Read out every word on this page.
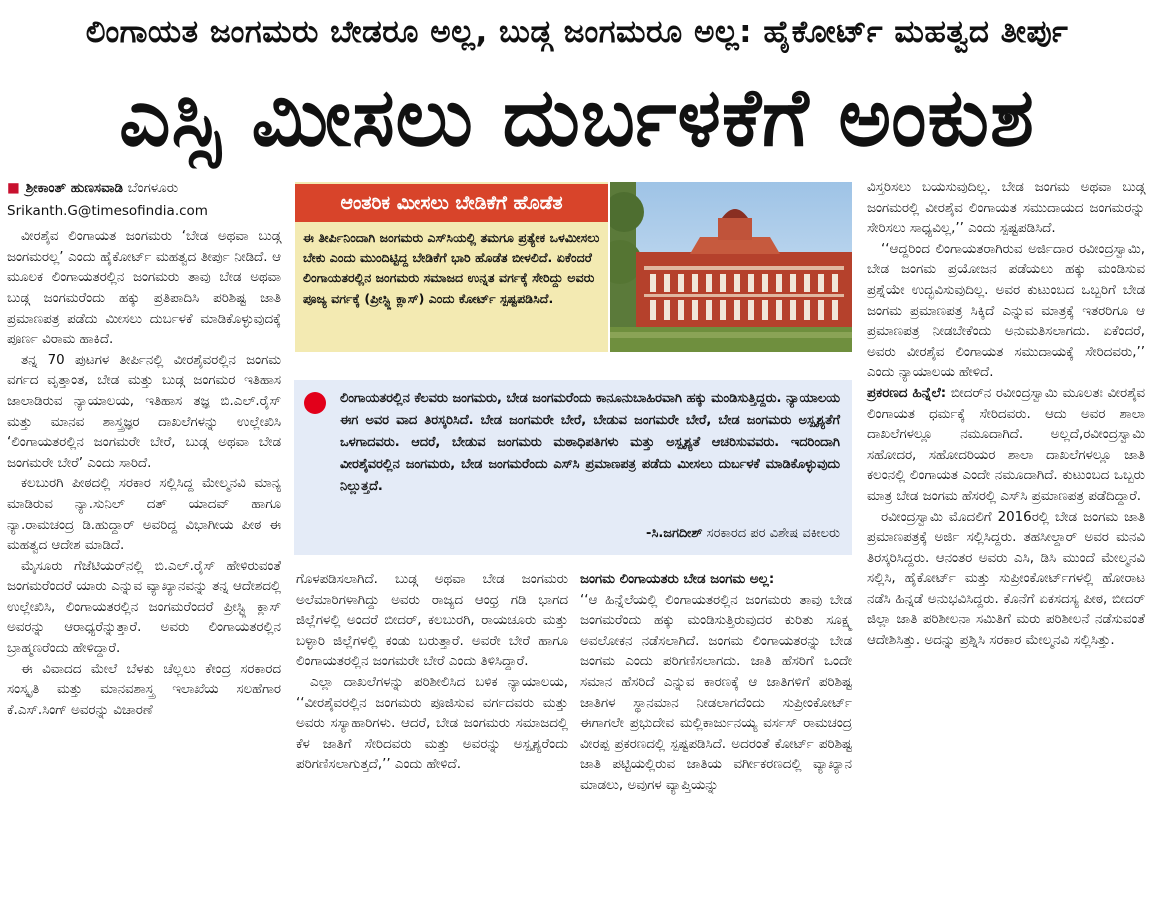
ಲಿಂಗಾಯತ ಜಂಗಮರು ಬೇಡರೂ ಅಲ್ಲ, ಬುಡ್ಗ ಜಂಗಮರೂ ಅಲ್ಲ: ಹೈಕೋರ್ಟ್ ಮಹತ್ವದ ತೀರ್ಪು
ಎಸ್ಸಿ ಮೀಸಲು ದುರ್ಬಳಕೆಗೆ ಅಂಕುಶ
■ ಶ್ರೀಕಾಂತ್ ಹುಣಸವಾಡಿ ಬೆಂಗಳೂರು
Srikanth.G@timesofindia.com

ವೀರಶೈವ ಲಿಂಗಾಯತ ಜಂಗಮರು ‘ಬೇಡ ಅಥವಾ ಬುಡ್ಗ ಜಂಗಮರಲ್ಲ’ ಎಂದು ಹೈಕೋರ್ಟ್ ಮಹತ್ವದ ತೀರ್ಪು ನೀಡಿದೆ. ಆ ಮೂಲಕ ಲಿಂಗಾಯತರಲ್ಲಿನ ಜಂಗಮರು ತಾವು ಬೇಡ ಅಥವಾ ಬುಡ್ಗ ಜಂಗಮರೆಂದು ಹಕ್ಕು ಪ್ರತಿಪಾದಿಸಿ ಪರಿಶಿಷ್ಟ ಜಾತಿ ಪ್ರಮಾಣಪತ್ರ ಪಡೆದು ಮೀಸಲು ದುರ್ಬಳಕೆ ಮಾಡಿಕೊಳ್ಳುವುದಕ್ಕೆ ಪೂರ್ಣ ವಿರಾಮ ಹಾಕಿದೆ.

ತನ್ನ 70 ಪುಟಗಳ ತೀರ್ಪಿನಲ್ಲಿ ವೀರಶೈವರಲ್ಲಿನ ಜಂಗಮ ವರ್ಗದ ವೃತ್ತಾಂತ, ಬೇಡ ಮತ್ತು ಬುಡ್ಗ ಜಂಗಮರ ಇತಿಹಾಸ ಜಾಲಾಡಿರುವ ನ್ಯಾಯಾಲಯ, ಇತಿಹಾಸ ತಜ್ಞ ಬಿ.ಎಲ್.ರೈಸ್ ಮತ್ತು ಮಾನವ ಶಾಸ್ತ್ರಜ್ಞರ ದಾಖಲೆಗಳನ್ನು ಉಲ್ಲೇಖಿಸಿ ‘ಲಿಂಗಾಯತರಲ್ಲಿನ ಜಂಗಮರೇ ಬೇರೆ, ಬುಡ್ಗ ಅಥವಾ ಬೇಡ ಜಂಗಮರೇ ಬೇರೆ’ ಎಂದು ಸಾರಿದೆ.

ಕಲಬುರಗಿ ಪೀಠದಲ್ಲಿ ಸರಕಾರ ಸಲ್ಲಿಸಿದ್ದ ಮೇಲ್ಮನವಿ ಮಾನ್ಯ ಮಾಡಿರುವ ನ್ಯಾ.ಸುನಿಲ್ ದತ್ ಯಾದವ್ ಹಾಗೂ ನ್ಯಾ.ರಾಮಚಂದ್ರ ಡಿ.ಹುದ್ದಾರ್ ಅವರಿದ್ದ ವಿಭಾಗೀಯ ಪೀಠ ಈ ಮಹತ್ವದ ಆದೇಶ ಮಾಡಿದೆ.

ಮೈಸೂರು ಗೆಜೆಟಿಯರ್‌ನಲ್ಲಿ ಬಿ.ಎಲ್.ರೈಸ್ ಹೇಳಿರುವಂತೆ ಜಂಗಮರೆಂದರೆ ಯಾರು ಎನ್ನುವ ವ್ಯಾಖ್ಯಾನವನ್ನು ತನ್ನ ಆದೇಶದಲ್ಲಿ ಉಲ್ಲೇಖಿಸಿ, ಲಿಂಗಾಯತರಲ್ಲಿನ ಜಂಗಮರೆಂದರೆ ಪ್ರೀಸ್ಟ್ಲಿ ಕ್ಲಾಸ್ ಅವರನ್ನು ಆರಾಧ್ಯರೆನ್ನುತ್ತಾರೆ. ಅವರು ಲಿಂಗಾಯತರಲ್ಲಿನ ಬ್ರಾಹ್ಮಣರೆಂದು ಹೇಳಿದ್ದಾರೆ.

ಈ ವಿವಾದದ ಮೇಲೆ ಬೆಳಕು ಚೆಲ್ಲಲು ಕೇಂದ್ರ ಸರಕಾರದ ಸಂಸ್ಕೃತಿ ಮತ್ತು ಮಾನವಶಾಸ್ತ್ರ ಇಲಾಖೆಯ ಸಲಹೆಗಾರ ಕೆ.ಎಸ್.ಸಿಂಗ್ ಅವರನ್ನು ವಿಚಾರಣೆ

ಆಂತರಿಕ ಮೀಸಲು ಬೇಡಿಕೆಗೆ ಹೊಡೆತ
ಈ ತೀರ್ಪಿನಿಂದಾಗಿ ಜಂಗಮರು ಎಸ್‌ಸಿಯಲ್ಲಿ ತಮಗೂ ಪ್ರತ್ಯೇಕ ಒಳಮೀಸಲು ಬೇಕು ಎಂದು ಮುಂದಿಟ್ಟಿದ್ದ ಬೇಡಿಕೆಗೆ ಭಾರಿ ಹೊಡೆತ ಬೀಳಲಿದೆ. ಏಕೆಂದರೆ ಲಿಂಗಾಯತರಲ್ಲಿನ ಜಂಗಮರು ಸಮಾಜದ ಉನ್ನತ ವರ್ಗಕ್ಕೆ ಸೇರಿದ್ದು ಅವರು ಪೂಜ್ಯ ವರ್ಗಕ್ಕೆ (ಪ್ರೀಸ್ಟ್ಲಿ ಕ್ಲಾಸ್) ಎಂದು ಕೋರ್ಟ್ ಸ್ಪಷ್ಟಪಡಿಸಿದೆ.
ಲಿಂಗಾಯತರಲ್ಲಿನ ಕೆಲವರು ಜಂಗಮರು, ಬೇಡ ಜಂಗಮರೆಂದು ಕಾನೂನುಬಾಹಿರವಾಗಿ ಹಕ್ಕು ಮಂಡಿಸುತ್ತಿದ್ದರು. ನ್ಯಾಯಾಲಯ ಈಗ ಅವರ ವಾದ ತಿರಸ್ಕರಿಸಿದೆ. ಬೇಡ ಜಂಗಮರೇ ಬೇರೆ, ಬೇಡುವ ಜಂಗಮರೇ ಬೇರೆ, ಬೇಡ ಜಂಗಮರು ಅಸ್ಪೃಶ್ಯತೆಗೆ ಒಳಗಾದವರು. ಆದರೆ, ಬೇಡುವ ಜಂಗಮರು ಮಠಾಧಿಪತಿಗಳು ಮತ್ತು ಅಸ್ಪೃಶ್ಯತೆ ಆಚರಿಸುವವರು. ಇದರಿಂದಾಗಿ ವೀರಶೈವರಲ್ಲಿನ ಜಂಗಮರು, ಬೇಡ ಜಂಗಮರೆಂದು ಎಸ್‌ಸಿ ಪ್ರಮಾಣಪತ್ರ ಪಡೆದು ಮೀಸಲು ದುರ್ಬಳಕೆ ಮಾಡಿಕೊಳ್ಳುವುದು ನಿಲ್ಲುತ್ತದೆ.
-ಸಿ.ಜಗದೀಶ್ ಸರಕಾರದ ಪರ ವಿಶೇಷ ವಕೀಲರು

ಗೊಳಪಡಿಸಲಾಗಿದೆ. ಬುಡ್ಗ ಅಥವಾ ಬೇಡ ಜಂಗಮರು ಅಲೆಮಾರಿಗಳಾಗಿದ್ದು ಅವರು ರಾಜ್ಯದ ಆಂಧ್ರ ಗಡಿ ಭಾಗದ ಜಿಲ್ಲೆಗಳಲ್ಲಿ ಅಂದರೆ ಬೀದರ್, ಕಲಬುರಗಿ, ರಾಯಚೂರು ಮತ್ತು ಬಳ್ಳಾರಿ ಜಿಲ್ಲೆಗಳಲ್ಲಿ ಕಂಡು ಬರುತ್ತಾರೆ. ಅವರೇ ಬೇರೆ ಹಾಗೂ ಲಿಂಗಾಯತರಲ್ಲಿನ ಜಂಗಮರೇ ಬೇರೆ ಎಂದು ತಿಳಿಸಿದ್ದಾರೆ.

ಎಲ್ಲಾ ದಾಖಲೆಗಳನ್ನು ಪರಿಶೀಲಿಸಿದ ಬಳಿಕ ನ್ಯಾಯಾಲಯ, ‘‘ವೀರಶೈವರಲ್ಲಿನ ಜಂಗಮರು ಪೂಜಿಸುವ ವರ್ಗದವರು ಮತ್ತು ಅವರು ಸಸ್ಯಾಹಾರಿಗಳು. ಆದರೆ, ಬೇಡ ಜಂಗಮರು ಸಮಾಜದಲ್ಲಿ ಕೆಳ ಜಾತಿಗೆ ಸೇರಿದವರು ಮತ್ತು ಅವರನ್ನು ಅಸ್ಪೃಶ್ಯರೆಂದು ಪರಿಗಣಿಸಲಾಗುತ್ತದೆ,’’ ಎಂದು ಹೇಳಿದೆ.

ಜಂಗಮ ಲಿಂಗಾಯತರು ಬೇಡ ಜಂಗಮ ಅಲ್ಲ:

‘‘ಆ ಹಿನ್ನೆಲೆಯಲ್ಲಿ ಲಿಂಗಾಯತರಲ್ಲಿನ ಜಂಗಮರು ತಾವು ಬೇಡ ಜಂಗಮರೆಂದು ಹಕ್ಕು ಮಂಡಿಸುತ್ತಿರುವುದರ ಕುರಿತು ಸೂಕ್ಷ್ಮ ಅವಲೋಕನ ನಡೆಸಲಾಗಿದೆ. ಜಂಗಮ ಲಿಂಗಾಯತರನ್ನು ಬೇಡ ಜಂಗಮ ಎಂದು ಪರಿಗಣಿಸಲಾಗದು. ಜಾತಿ ಹೆಸರಿಗೆ ಒಂದೇ ಸಮಾನ ಹೆಸರಿದೆ ಎನ್ನುವ ಕಾರಣಕ್ಕೆ ಆ ಜಾತಿಗಳಿಗೆ ಪರಿಶಿಷ್ಟ ಜಾತಿಗಳ ಸ್ಥಾನಮಾನ ನೀಡಲಾಗದೆಂದು ಸುಪ್ರೀಂಕೋರ್ಟ್ ಈಗಾಗಲೇ ಪ್ರಭುದೇವ ಮಲ್ಲಿಕಾರ್ಜುನಯ್ಯ ವರ್ಸಸ್ ರಾಮಚಂದ್ರ ವೀರಪ್ಪ ಪ್ರಕರಣದಲ್ಲಿ ಸ್ಪಷ್ಟಪಡಿಸಿದೆ. ಅದರಂತೆ ಕೋರ್ಟ್ ಪರಿಶಿಷ್ಟ ಜಾತಿ ಪಟ್ಟಿಯಲ್ಲಿರುವ ಜಾತಿಯ ವರ್ಗೀಕರಣದಲ್ಲಿ ವ್ಯಾಖ್ಯಾನ ಮಾಡಲು, ಅವುಗಳ ವ್ಯಾಪ್ತಿಯನ್ನು

ವಿಸ್ತರಿಸಲು ಬಯಸುವುದಿಲ್ಲ. ಬೇಡ ಜಂಗಮ ಅಥವಾ ಬುಡ್ಗ ಜಂಗಮರಲ್ಲಿ ವೀರಶೈವ ಲಿಂಗಾಯತ ಸಮುದಾಯದ ಜಂಗಮರನ್ನು ಸೇರಿಸಲು ಸಾಧ್ಯವಿಲ್ಲ,’’ ಎಂದು ಸ್ಪಷ್ಟಪಡಿಸಿದೆ.

‘‘ಆದ್ದರಿಂದ ಲಿಂಗಾಯತರಾಗಿರುವ ಅರ್ಜಿದಾರ ರವೀಂದ್ರಸ್ವಾಮಿ, ಬೇಡ ಜಂಗಮ ಪ್ರಯೋಜನ ಪಡೆಯಲು ಹಕ್ಕು ಮಂಡಿಸುವ ಪ್ರಶ್ನೆಯೇ ಉದ್ಭವಿಸುವುದಿಲ್ಲ. ಅವರ ಕುಟುಂಬದ ಒಬ್ಬರಿಗೆ ಬೇಡ ಜಂಗಮ ಪ್ರಮಾಣಪತ್ರ ಸಿಕ್ಕಿದೆ ಎನ್ನುವ ಮಾತ್ರಕ್ಕೆ ಇತರರಿಗೂ ಆ ಪ್ರಮಾಣಪತ್ರ ನೀಡಬೇಕೆಂದು ಅನುಮತಿಸಲಾಗದು. ಏಕೆಂದರೆ, ಅವರು ವೀರಶೈವ ಲಿಂಗಾಯತ ಸಮುದಾಯಕ್ಕೆ ಸೇರಿದವರು,’’ ಎಂದು ನ್ಯಾಯಾಲಯ ಹೇಳಿದೆ.

ಪ್ರಕರಣದ ಹಿನ್ನೆಲೆ: ಬೀದರ್‌ನ ರವೀಂದ್ರಸ್ವಾಮಿ ಮೂಲತಃ ವೀರಶೈವ ಲಿಂಗಾಯತ ಧರ್ಮಕ್ಕೆ ಸೇರಿದವರು. ಆದು ಅವರ ಶಾಲಾ ದಾಖಲೆಗಳಲ್ಲೂ ನಮೂದಾಗಿದೆ. ಅಲ್ಲದೆ,ರವೀಂದ್ರಸ್ವಾಮಿ ಸಹೋದರ, ಸಹೋದರಿಯರ ಶಾಲಾ ದಾಖಲೆಗಳಲ್ಲೂ ಜಾತಿ ಕಲಂನಲ್ಲಿ ಲಿಂಗಾಯತ ಎಂದೇ ನಮೂದಾಗಿದೆ. ಕುಟುಂಬದ ಒಬ್ಬರು ಮಾತ್ರ ಬೇಡ ಜಂಗಮ ಹೆಸರಲ್ಲಿ ಎಸ್‌ಸಿ ಪ್ರಮಾಣಪತ್ರ ಪಡೆದಿದ್ದಾರೆ.

ರವೀಂದ್ರಸ್ವಾಮಿ ಮೊದಲಿಗೆ 2016ರಲ್ಲಿ ಬೇಡ ಜಂಗಮ ಜಾತಿ ಪ್ರಮಾಣಪತ್ರಕ್ಕೆ ಅರ್ಜಿ ಸಲ್ಲಿಸಿದ್ದರು. ತಹಸೀಲ್ದಾರ್ ಅವರ ಮನವಿ ತಿರಸ್ಕರಿಸಿದ್ದರು. ಆನಂತರ ಅವರು ಎಸಿ, ಡಿಸಿ ಮುಂದೆ ಮೇಲ್ಮನವಿ ಸಲ್ಲಿಸಿ, ಹೈಕೋರ್ಟ್ ಮತ್ತು ಸುಪ್ರೀಂಕೋರ್ಟ್‌ಗಳಲ್ಲಿ ಹೋರಾಟ ನಡೆಸಿ ಹಿನ್ನಡೆ ಅನುಭವಿಸಿದ್ದರು. ಕೊನೆಗೆ ಏಕಸದಸ್ಯ ಪೀಠ, ಬೀದರ್ ಜಿಲ್ಲಾ ಜಾತಿ ಪರಿಶೀಲನಾ ಸಮಿತಿಗೆ ಮರು ಪರಿಶೀಲನೆ ನಡೆಸುವಂತೆ ಆದೇಶಿಸಿತ್ತು. ಅದನ್ನು ಪ್ರಶ್ನಿಸಿ ಸರಕಾರ ಮೇಲ್ಮನವಿ ಸಲ್ಲಿಸಿತ್ತು.
